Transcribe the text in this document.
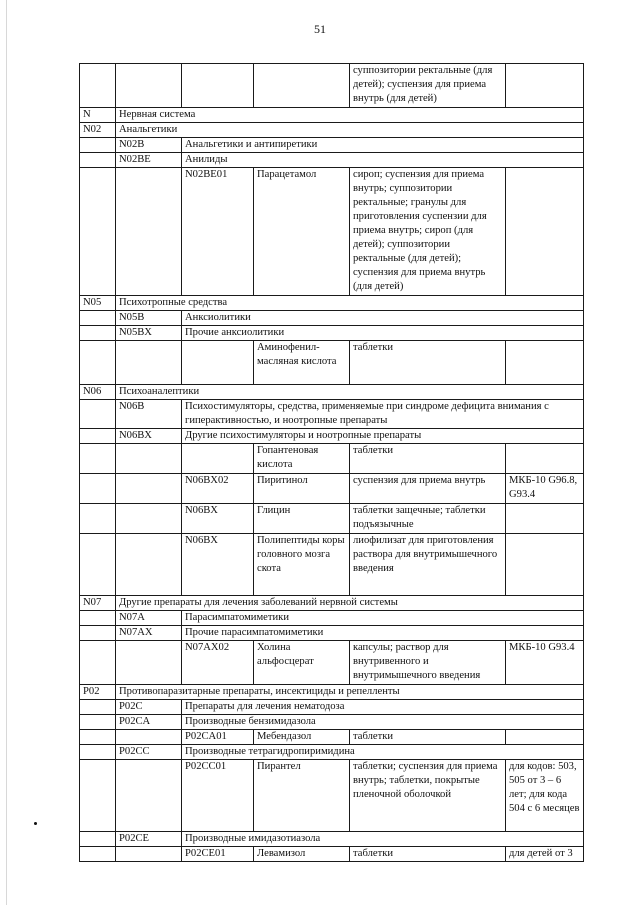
51
				суппозитории ректальные (для детей); суспензия для приема внутрь (для детей)	
N	Нервная система				
N02	Анальгетики				
	N02B	Анальгетики и антипиретики			
	N02BE	Анилиды			
		N02BE01	Парацетамол	сироп; суспензия для приема внутрь; суппозитории ректальные; гранулы для приготовления суспензии для приема внутрь; сироп (для детей); суппозитории ректальные (для детей); суспензия для приема внутрь (для детей)	
N05	Психотропные средства				
	N05B	Анксиолитики			
	N05BX	Прочие анксиолитики			
			Аминофенил-масляная кислота	таблетки	
N06	Психоаналептики				
	N06B	Психостимуляторы, средства, применяемые при синдроме дефицита внимания с гиперактивностью, и ноотропные препараты			
	N06BX	Другие психостимуляторы и ноотропные препараты			
			Гопантеновая кислота	таблетки	
		N06BX02	Пиритинол	суспензия для приема внутрь	МКБ-10 G96.8, G93.4
		N06BX	Глицин	таблетки защечные; таблетки подъязычные	
		N06BX	Полипептиды коры головного мозга скота	лиофилизат для приготовления раствора для внутримышечного введения	
N07	Другие препараты для лечения заболеваний нервной системы				
	N07A	Парасимпатомиметики			
	N07AX	Прочие парасимпатомиметики			
		N07AX02	Холина альфосцерат	капсулы; раствор для внутривенного и внутримышечного введения	МКБ-10 G93.4
P02	Противопаразитарные препараты, инсектициды и репелленты				
	P02C	Препараты для лечения нематодоза			
	P02CA	Производные бензимидазола			
		P02CA01	Мебендазол	таблетки	
	P02CC	Производные тетрагидропиримидина			
		P02CC01	Пирантел	таблетки; суспензия для приема внутрь; таблетки, покрытые пленочной оболочкой	для кодов: 503, 505 от 3 – 6 лет; для кода 504 с 6 месяцев
	P02CE	Производные имидазотиазола			
		P02CE01	Левамизол	таблетки	для детей от 3
